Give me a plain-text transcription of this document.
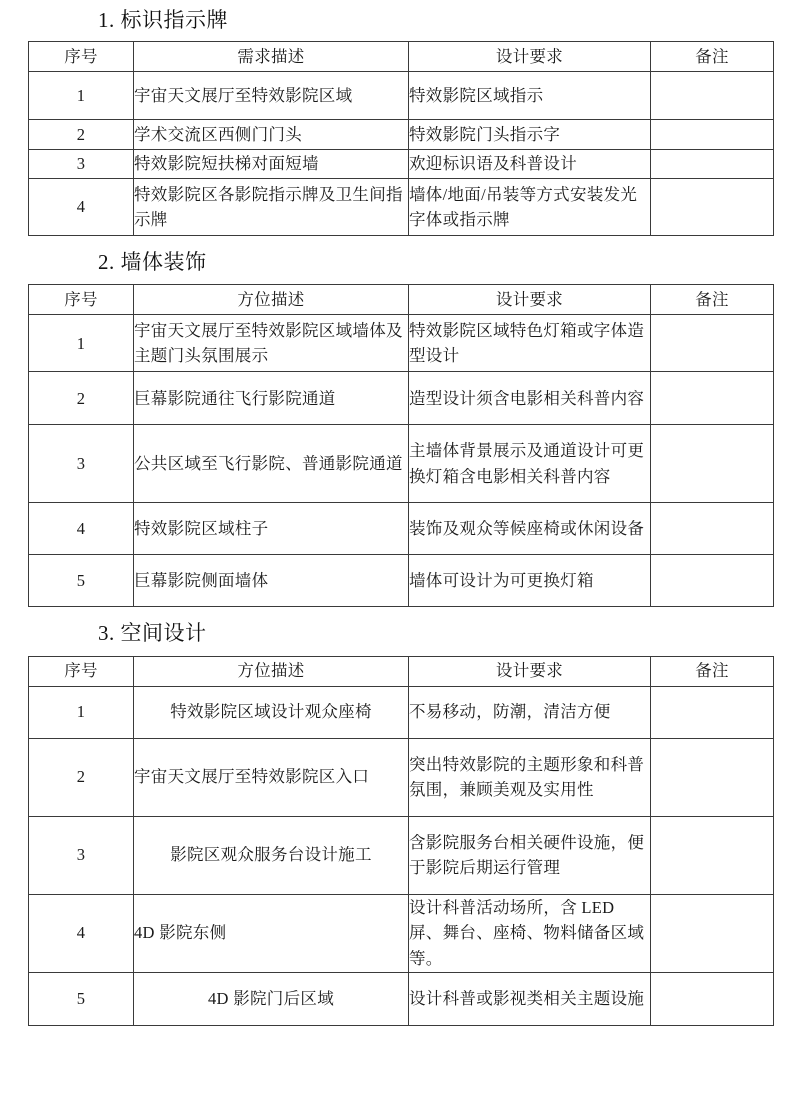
1. 标识指示牌
序号	需求描述	设计要求	备注
1	宇宙天文展厅至特效影院区域	特效影院区域指示	
2	学术交流区西侧门门头	特效影院门头指示字	
3	特效影院短扶梯对面短墙	欢迎标识语及科普设计	
4	特效影院区各影院指示牌及卫生间指示牌	墙体/地面/吊装等方式安装发光字体或指示牌	
2. 墙体装饰
序号	方位描述	设计要求	备注
1	宇宙天文展厅至特效影院区域墙体及主题门头氛围展示	特效影院区域特色灯箱或字体造型设计	
2	巨幕影院通往飞行影院通道	造型设计须含电影相关科普内容	
3	公共区域至飞行影院、普通影院通道	主墙体背景展示及通道设计可更换灯箱含电影相关科普内容	
4	特效影院区域柱子	装饰及观众等候座椅或休闲设备	
5	巨幕影院侧面墙体	墙体可设计为可更换灯箱	
3. 空间设计
序号	方位描述	设计要求	备注
1	特效影院区域设计观众座椅	不易移动，防潮，清洁方便	
2	宇宙天文展厅至特效影院区入口	突出特效影院的主题形象和科普氛围，兼顾美观及实用性	
3	影院区观众服务台设计施工	含影院服务台相关硬件设施，便于影院后期运行管理	
4	4D 影院东侧	设计科普活动场所，含 LED 屏、舞台、座椅、物料储备区域等。	
5	4D 影院门后区域	设计科普或影视类相关主题设施	
